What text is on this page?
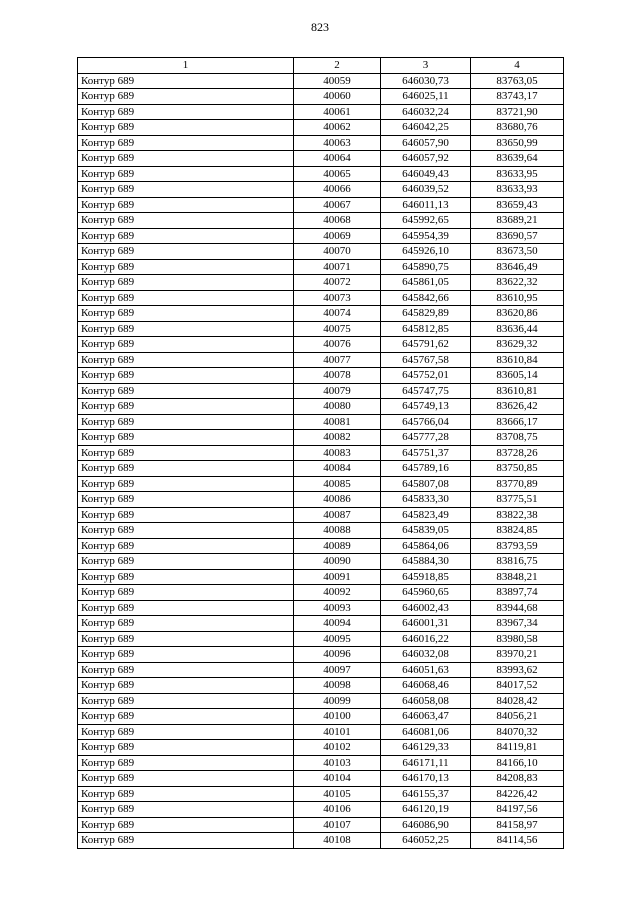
823
1	2	3	4
Контур 689	40059	646030,73	83763,05
Контур 689	40060	646025,11	83743,17
Контур 689	40061	646032,24	83721,90
Контур 689	40062	646042,25	83680,76
Контур 689	40063	646057,90	83650,99
Контур 689	40064	646057,92	83639,64
Контур 689	40065	646049,43	83633,95
Контур 689	40066	646039,52	83633,93
Контур 689	40067	646011,13	83659,43
Контур 689	40068	645992,65	83689,21
Контур 689	40069	645954,39	83690,57
Контур 689	40070	645926,10	83673,50
Контур 689	40071	645890,75	83646,49
Контур 689	40072	645861,05	83622,32
Контур 689	40073	645842,66	83610,95
Контур 689	40074	645829,89	83620,86
Контур 689	40075	645812,85	83636,44
Контур 689	40076	645791,62	83629,32
Контур 689	40077	645767,58	83610,84
Контур 689	40078	645752,01	83605,14
Контур 689	40079	645747,75	83610,81
Контур 689	40080	645749,13	83626,42
Контур 689	40081	645766,04	83666,17
Контур 689	40082	645777,28	83708,75
Контур 689	40083	645751,37	83728,26
Контур 689	40084	645789,16	83750,85
Контур 689	40085	645807,08	83770,89
Контур 689	40086	645833,30	83775,51
Контур 689	40087	645823,49	83822,38
Контур 689	40088	645839,05	83824,85
Контур 689	40089	645864,06	83793,59
Контур 689	40090	645884,30	83816,75
Контур 689	40091	645918,85	83848,21
Контур 689	40092	645960,65	83897,74
Контур 689	40093	646002,43	83944,68
Контур 689	40094	646001,31	83967,34
Контур 689	40095	646016,22	83980,58
Контур 689	40096	646032,08	83970,21
Контур 689	40097	646051,63	83993,62
Контур 689	40098	646068,46	84017,52
Контур 689	40099	646058,08	84028,42
Контур 689	40100	646063,47	84056,21
Контур 689	40101	646081,06	84070,32
Контур 689	40102	646129,33	84119,81
Контур 689	40103	646171,11	84166,10
Контур 689	40104	646170,13	84208,83
Контур 689	40105	646155,37	84226,42
Контур 689	40106	646120,19	84197,56
Контур 689	40107	646086,90	84158,97
Контур 689	40108	646052,25	84114,56
